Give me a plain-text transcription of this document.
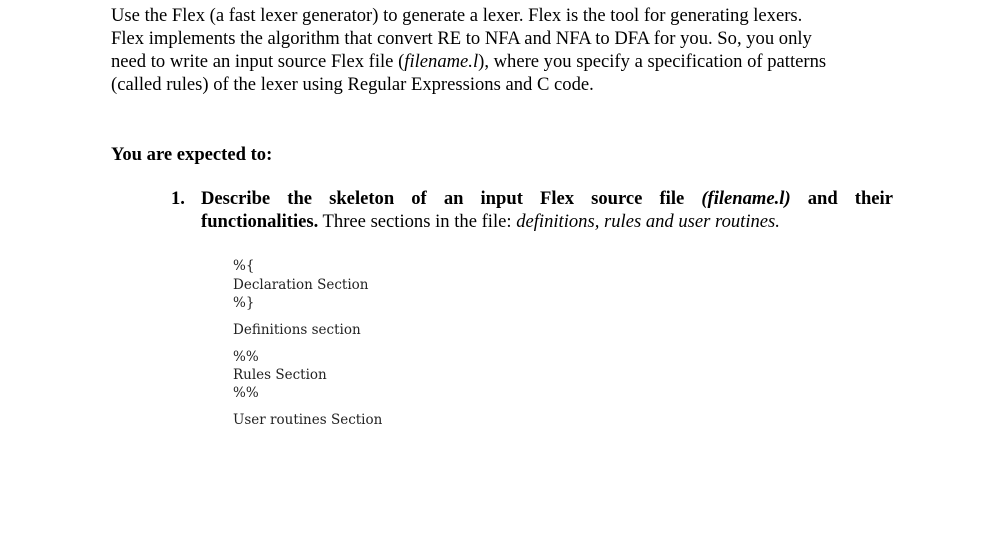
Use the Flex (a fast lexer generator) to generate a lexer. Flex is the tool for generating lexers.
Flex implements the algorithm that convert RE to NFA and NFA to DFA for you. So, you only
need to write an input source Flex file (filename.l), where you specify a specification of patterns
(called rules) of the lexer using Regular Expressions and C code.

You are expected to:

1. Describe the skeleton of an input Flex source file (filename.l) and their
functionalities. Three sections in the file: definitions, rules and user routines.
%{
Declaration Section
%}
Definitions section
%%
Rules Section
%%
User routines Section
